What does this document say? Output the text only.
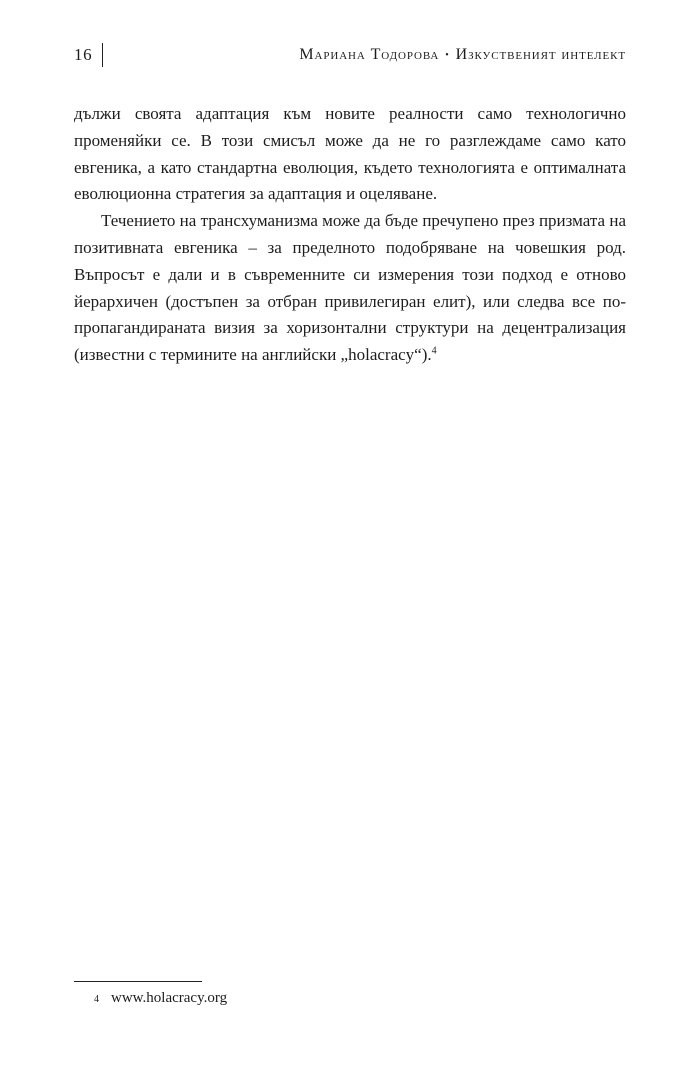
16	Мариана Тодорова • Изкуственият интелект

дължи своята адаптация към новите реалности само технологично променяйки се. В този смисъл може да не го разглеждаме само като евгеника, а като стандартна еволюция, където технологията е оптималната еволюционна стратегия за адаптация и оцеляване.

Течението на трансхуманизма може да бъде пречупено през призмата на позитивната евгеника – за пределното подобряване на човешкия род. Въпросът е дали и в съвременните си измерения този подход е отново йерархичен (достъпен за отбран привилегиран елит), или следва все по-пропагандираната визия за хоризонтални структури на децентрализация (известни с термините на английски „holacracy“).$^4$

4 www.holacracy.org
